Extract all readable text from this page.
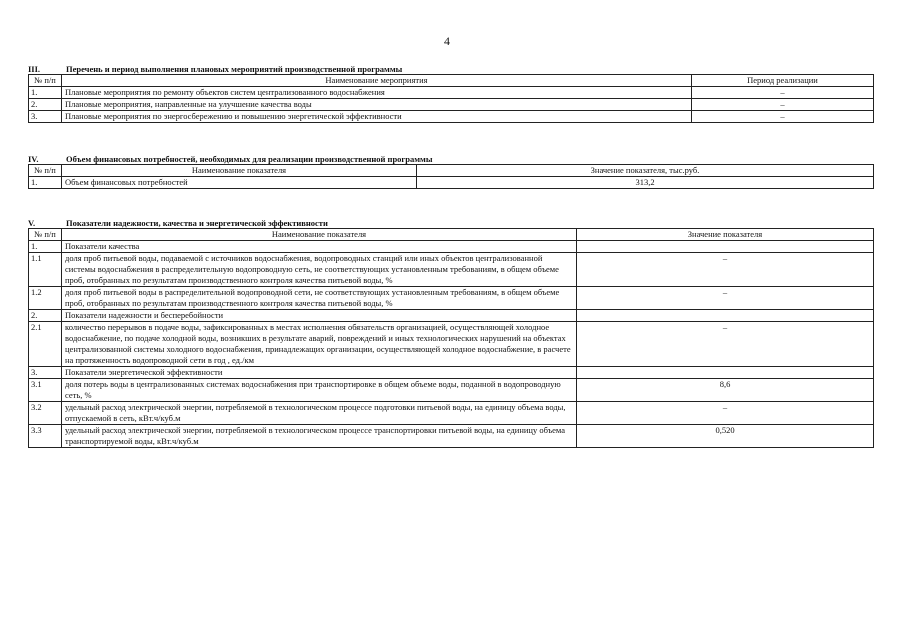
4
III.	Перечень и период выполнения плановых мероприятий производственной программы
№ п/п	Наименование мероприятия	Период реализации
1.	Плановые мероприятия по ремонту объектов систем централизованного водоснабжения	–
2.	Плановые мероприятия, направленные на улучшение качества воды	–
3.	Плановые мероприятия по энергосбережению и повышению энергетической эффективности	–
IV.	Объем финансовых потребностей, необходимых для реализации производственной программы
№ п/п	Наименование показателя	Значение показателя, тыс.руб.
1.	Объем финансовых потребностей	313,2
V.	Показатели надежности, качества и энергетической эффективности
№ п/п	Наименование показателя	Значение показателя
1.	Показатели качества	
1.1	доля проб питьевой воды, подаваемой с источников водоснабжения, водопроводных станций или иных объектов централизованной системы водоснабжения в распределительную водопроводную сеть, не соответствующих установленным требованиям, в общем объеме проб, отобранных по результатам производственного контроля качества питьевой воды, %	–
1.2	доля проб питьевой воды в распределительной водопроводной сети, не соответствующих установленным требованиям, в общем объеме проб, отобранных по результатам производственного контроля качества питьевой воды, %	–
2.	Показатели надежности и бесперебойности	
2.1	количество перерывов в подаче воды, зафиксированных в местах исполнения обязательств организацией, осуществляющей холодное водоснабжение, по подаче холодной воды, возникших в результате аварий, повреждений и иных технологических нарушений на объектах централизованной системы холодного водоснабжения, принадлежащих организации, осуществляющей холодное водоснабжение, в расчете на протяженность водопроводной сети в год , ед./км	–
3.	Показатели энергетической эффективности	
3.1	доля потерь воды в централизованных системах водоснабжения при транспортировке в общем объеме воды, поданной в водопроводную сеть, %	8,6
3.2	удельный расход электрической энергии, потребляемой в технологическом процессе подготовки питьевой воды, на единицу объема воды, отпускаемой в сеть, кВт.ч/куб.м	–
3.3	удельный расход электрической энергии, потребляемой в технологическом процессе транспортировки питьевой воды, на единицу объема транспортируемой воды, кВт.ч/куб.м	0,520
